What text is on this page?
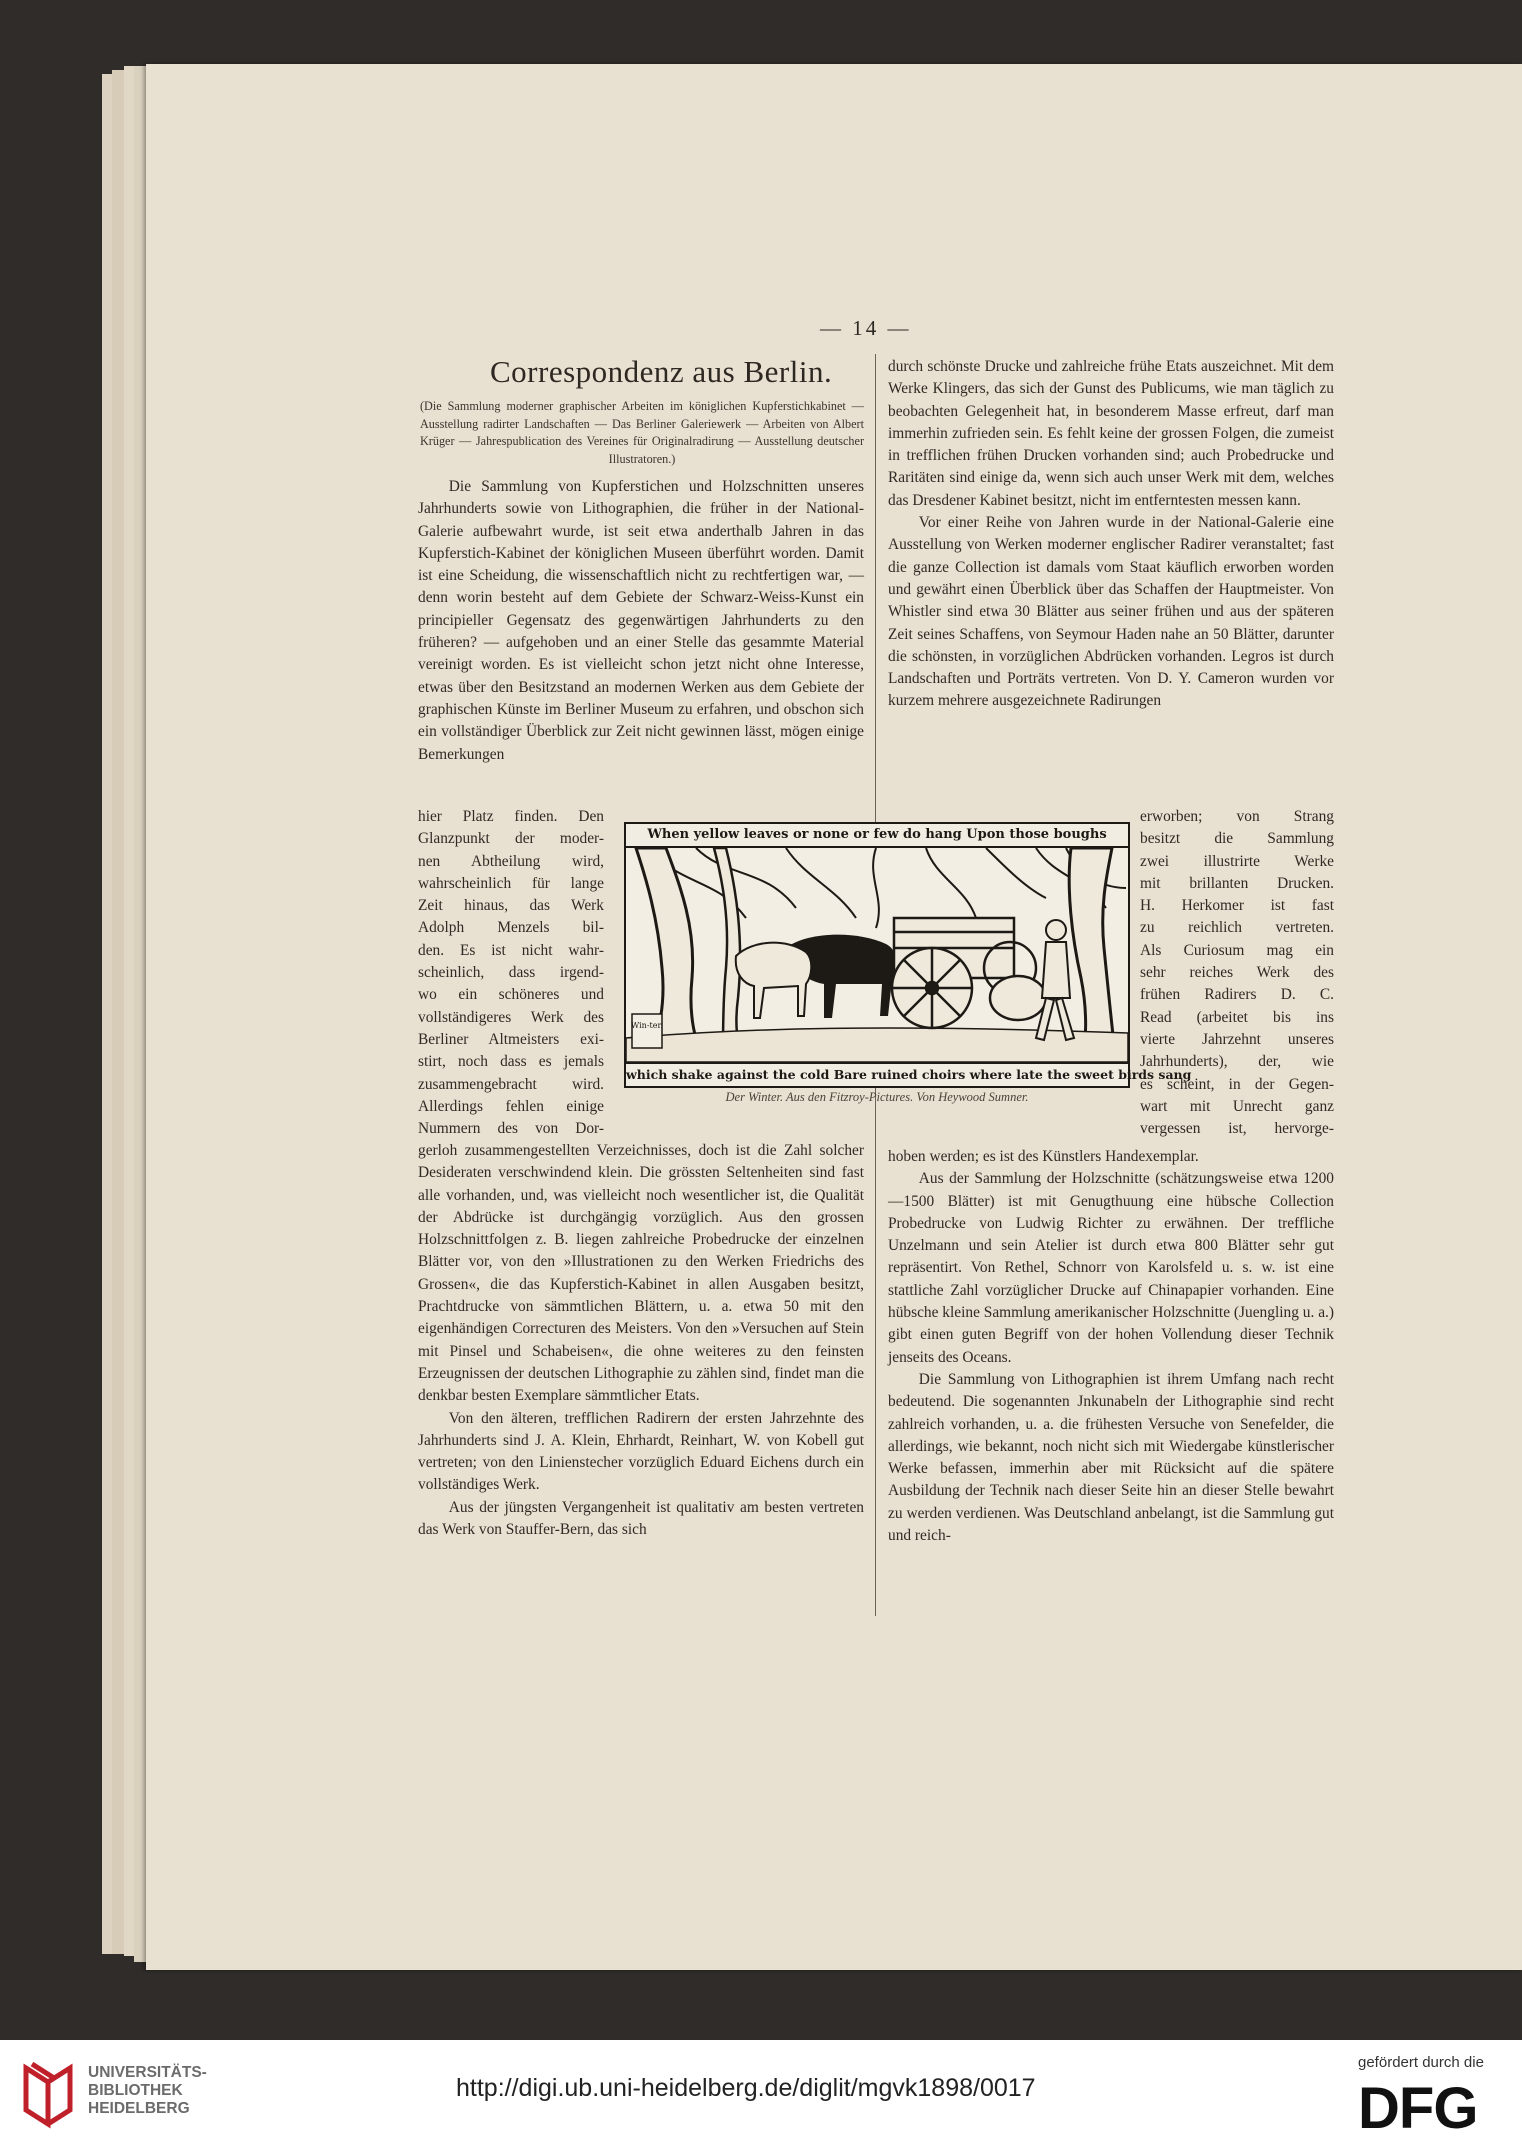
— 14 —
Correspondenz aus Berlin.
(Die Sammlung moderner graphischer Arbeiten im königlichen Kupferstichkabinet — Ausstellung radirter Landschaften — Das Berliner Galeriewerk — Arbeiten von Albert Krüger — Jahrespublication des Vereines für Originalradirung — Ausstellung deutscher Illustratoren.)

Die Sammlung von Kupferstichen und Holzschnitten unseres Jahrhunderts sowie von Lithographien, die früher in der National-Galerie aufbewahrt wurde, ist seit etwa anderthalb Jahren in das Kupferstich-Kabinet der königlichen Museen überführt worden. Damit ist eine Scheidung, die wissenschaftlich nicht zu rechtfertigen war, — denn worin besteht auf dem Gebiete der Schwarz-Weiss-Kunst ein principieller Gegensatz des gegenwärtigen Jahrhunderts zu den früheren? — aufgehoben und an einer Stelle das gesammte Material vereinigt worden. Es ist vielleicht schon jetzt nicht ohne Interesse, etwas über den Besitzstand an modernen Werken aus dem Gebiete der graphischen Künste im Berliner Museum zu erfahren, und obschon sich ein vollständiger Überblick zur Zeit nicht gewinnen lässt, mögen einige Bemerkungen

hier Platz finden. Den
Glanzpunkt der moder-
nen Abtheilung wird,
wahrscheinlich für lange
Zeit hinaus, das Werk
Adolph Menzels bil-
den. Es ist nicht wahr-
scheinlich, dass irgend-
wo ein schöneres und
vollständigeres Werk des
Berliner Altmeisters exi-
stirt, noch dass es jemals
zusammengebracht wird.
Allerdings fehlen einige
Nummern des von Dor-

gerloh zusammengestellten Verzeichnisses, doch ist die Zahl solcher Desideraten verschwindend klein. Die grössten Seltenheiten sind fast alle vorhanden, und, was vielleicht noch wesentlicher ist, die Qualität der Abdrücke ist durchgängig vorzüglich. Aus den grossen Holzschnittfolgen z. B. liegen zahlreiche Probedrucke der einzelnen Blätter vor, von den »Illustrationen zu den Werken Friedrichs des Grossen«, die das Kupferstich-Kabinet in allen Ausgaben besitzt, Prachtdrucke von sämmtlichen Blättern, u. a. etwa 50 mit den eigenhändigen Correcturen des Meisters. Von den »Versuchen auf Stein mit Pinsel und Schabeisen«, die ohne weiteres zu den feinsten Erzeugnissen der deutschen Lithographie zu zählen sind, findet man die denkbar besten Exemplare sämmtlicher Etats.

Von den älteren, trefflichen Radirern der ersten Jahrzehnte des Jahrhunderts sind J. A. Klein, Ehrhardt, Reinhart, W. von Kobell gut vertreten; von den Linienstecher vorzüglich Eduard Eichens durch ein vollständiges Werk.

Aus der jüngsten Vergangenheit ist qualitativ am besten vertreten das Werk von Stauffer-Bern, das sich

durch schönste Drucke und zahlreiche frühe Etats auszeichnet. Mit dem Werke Klingers, das sich der Gunst des Publicums, wie man täglich zu beobachten Gelegenheit hat, in besonderem Masse erfreut, darf man immerhin zufrieden sein. Es fehlt keine der grossen Folgen, die zumeist in trefflichen frühen Drucken vorhanden sind; auch Probedrucke und Raritäten sind einige da, wenn sich auch unser Werk mit dem, welches das Dresdener Kabinet besitzt, nicht im entferntesten messen kann.

Vor einer Reihe von Jahren wurde in der National-Galerie eine Ausstellung von Werken moderner englischer Radirer veranstaltet; fast die ganze Collection ist damals vom Staat käuflich erworben worden und gewährt einen Überblick über das Schaffen der Hauptmeister. Von Whistler sind etwa 30 Blätter aus seiner frühen und aus der späteren Zeit seines Schaffens, von Seymour Haden nahe an 50 Blätter, darunter die schönsten, in vorzüglichen Abdrücken vorhanden. Legros ist durch Landschaften und Porträts vertreten. Von D. Y. Cameron wurden vor kurzem mehrere ausgezeichnete Radirungen

erworben; von Strang
besitzt die Sammlung
zwei illustrirte Werke
mit brillanten Drucken.
H. Herkomer ist fast
zu reichlich vertreten.
Als Curiosum mag ein
sehr reiches Werk des
frühen Radirers D. C.
Read (arbeitet bis ins
vierte Jahrzehnt unseres
Jahrhunderts), der, wie
es scheint, in der Gegen-
wart mit Unrecht ganz
vergessen ist, hervorge-

hoben werden; es ist des Künstlers Handexemplar.

Aus der Sammlung der Holzschnitte (schätzungsweise etwa 1200—1500 Blätter) ist mit Genugthuung eine hübsche Collection Probedrucke von Ludwig Richter zu erwähnen. Der treffliche Unzelmann und sein Atelier ist durch etwa 800 Blätter sehr gut repräsentirt. Von Rethel, Schnorr von Karolsfeld u. s. w. ist eine stattliche Zahl vorzüglicher Drucke auf Chinapapier vorhanden. Eine hübsche kleine Sammlung amerikanischer Holzschnitte (Juengling u. a.) gibt einen guten Begriff von der hohen Vollendung dieser Technik jenseits des Oceans.

Die Sammlung von Lithographien ist ihrem Umfang nach recht bedeutend. Die sogenannten Jnkunabeln der Lithographie sind recht zahlreich vorhanden, u. a. die frühesten Versuche von Senefelder, die allerdings, wie bekannt, noch nicht sich mit Wiedergabe künstlerischer Werke befassen, immerhin aber mit Rücksicht auf die spätere Ausbildung der Technik nach dieser Seite hin an dieser Stelle bewahrt zu werden verdienen. Was Deutschland anbelangt, ist die Sammlung gut und reich-

When yellow leaves or none or few do hang Upon those boughs
Win-ter.
which shake against the cold Bare ruined choirs where late the sweet birds sang
Der Winter. Aus den Fitzroy-Pictures. Von Heywood Sumner.
UNIVERSITÄTS-
BIBLIOTHEK
HEIDELBERG
http://digi.ub.uni-heidelberg.de/diglit/mgvk1898/0017
gefördert durch die
DFG
